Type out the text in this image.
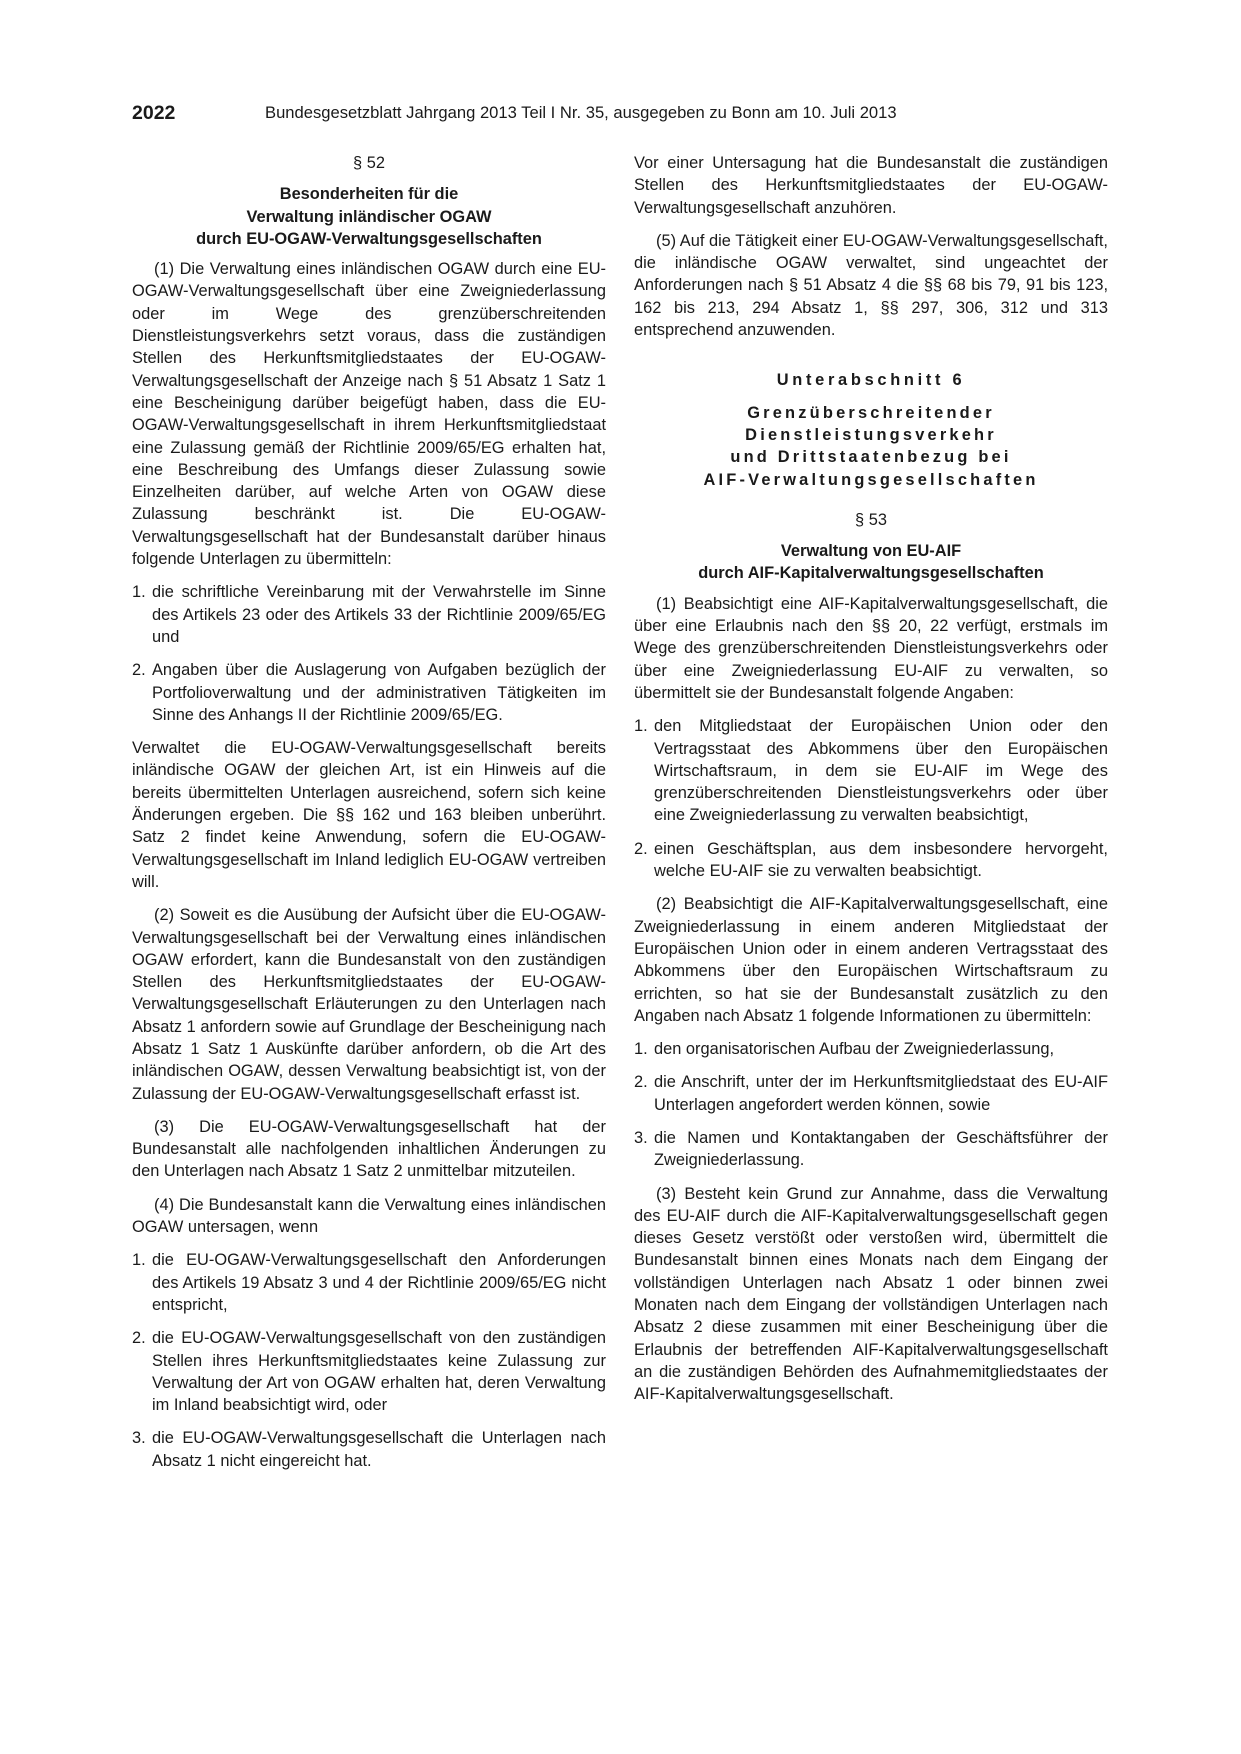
2022	Bundesgesetzblatt Jahrgang 2013 Teil I Nr. 35, ausgegeben zu Bonn am 10. Juli 2013
§ 52
Besonderheiten für die
Verwaltung inländischer OGAW
durch EU-OGAW-Verwaltungsgesellschaften

(1) Die Verwaltung eines inländischen OGAW durch eine EU-OGAW-Verwaltungsgesellschaft über eine Zweigniederlassung oder im Wege des grenzüberschreitenden Dienstleistungsverkehrs setzt voraus, dass die zuständigen Stellen des Herkunftsmitgliedstaates der EU-OGAW-Verwaltungsgesellschaft der Anzeige nach § 51 Absatz 1 Satz 1 eine Bescheinigung darüber beigefügt haben, dass die EU-OGAW-Verwaltungsgesellschaft in ihrem Herkunftsmitgliedstaat eine Zulassung gemäß der Richtlinie 2009/65/EG erhalten hat, eine Beschreibung des Umfangs dieser Zulassung sowie Einzelheiten darüber, auf welche Arten von OGAW diese Zulassung beschränkt ist. Die EU-OGAW-Verwaltungsgesellschaft hat der Bundesanstalt darüber hinaus folgende Unterlagen zu übermitteln:

1. die schriftliche Vereinbarung mit der Verwahrstelle im Sinne des Artikels 23 oder des Artikels 33 der Richtlinie 2009/65/EG und
2. Angaben über die Auslagerung von Aufgaben bezüglich der Portfolioverwaltung und der administrativen Tätigkeiten im Sinne des Anhangs II der Richtlinie 2009/65/EG.

Verwaltet die EU-OGAW-Verwaltungsgesellschaft bereits inländische OGAW der gleichen Art, ist ein Hinweis auf die bereits übermittelten Unterlagen ausreichend, sofern sich keine Änderungen ergeben. Die §§ 162 und 163 bleiben unberührt. Satz 2 findet keine Anwendung, sofern die EU-OGAW-Verwaltungsgesellschaft im Inland lediglich EU-OGAW vertreiben will.

(2) Soweit es die Ausübung der Aufsicht über die EU-OGAW-Verwaltungsgesellschaft bei der Verwaltung eines inländischen OGAW erfordert, kann die Bundesanstalt von den zuständigen Stellen des Herkunftsmitgliedstaates der EU-OGAW-Verwaltungsgesellschaft Erläuterungen zu den Unterlagen nach Absatz 1 anfordern sowie auf Grundlage der Bescheinigung nach Absatz 1 Satz 1 Auskünfte darüber anfordern, ob die Art des inländischen OGAW, dessen Verwaltung beabsichtigt ist, von der Zulassung der EU-OGAW-Verwaltungsgesellschaft erfasst ist.

(3) Die EU-OGAW-Verwaltungsgesellschaft hat der Bundesanstalt alle nachfolgenden inhaltlichen Änderungen zu den Unterlagen nach Absatz 1 Satz 2 unmittelbar mitzuteilen.

(4) Die Bundesanstalt kann die Verwaltung eines inländischen OGAW untersagen, wenn

1. die EU-OGAW-Verwaltungsgesellschaft den Anforderungen des Artikels 19 Absatz 3 und 4 der Richtlinie 2009/65/EG nicht entspricht,
2. die EU-OGAW-Verwaltungsgesellschaft von den zuständigen Stellen ihres Herkunftsmitgliedstaates keine Zulassung zur Verwaltung der Art von OGAW erhalten hat, deren Verwaltung im Inland beabsichtigt wird, oder
3. die EU-OGAW-Verwaltungsgesellschaft die Unterlagen nach Absatz 1 nicht eingereicht hat.

Vor einer Untersagung hat die Bundesanstalt die zuständigen Stellen des Herkunftsmitgliedstaates der EU-OGAW-Verwaltungsgesellschaft anzuhören.

(5) Auf die Tätigkeit einer EU-OGAW-Verwaltungsgesellschaft, die inländische OGAW verwaltet, sind ungeachtet der Anforderungen nach § 51 Absatz 4 die §§ 68 bis 79, 91 bis 123, 162 bis 213, 294 Absatz 1, §§ 297, 306, 312 und 313 entsprechend anzuwenden.

Unterabschnitt 6
Grenzüberschreitender
Dienstleistungsverkehr
und Drittstaatenbezug bei
AIF-Verwaltungsgesellschaften
§ 53
Verwaltung von EU-AIF
durch AIF-Kapitalverwaltungsgesellschaften

(1) Beabsichtigt eine AIF-Kapitalverwaltungsgesellschaft, die über eine Erlaubnis nach den §§ 20, 22 verfügt, erstmals im Wege des grenzüberschreitenden Dienstleistungsverkehrs oder über eine Zweigniederlassung EU-AIF zu verwalten, so übermittelt sie der Bundesanstalt folgende Angaben:

1. den Mitgliedstaat der Europäischen Union oder den Vertragsstaat des Abkommens über den Europäischen Wirtschaftsraum, in dem sie EU-AIF im Wege des grenzüberschreitenden Dienstleistungsverkehrs oder über eine Zweigniederlassung zu verwalten beabsichtigt,
2. einen Geschäftsplan, aus dem insbesondere hervorgeht, welche EU-AIF sie zu verwalten beabsichtigt.

(2) Beabsichtigt die AIF-Kapitalverwaltungsgesellschaft, eine Zweigniederlassung in einem anderen Mitgliedstaat der Europäischen Union oder in einem anderen Vertragsstaat des Abkommens über den Europäischen Wirtschaftsraum zu errichten, so hat sie der Bundesanstalt zusätzlich zu den Angaben nach Absatz 1 folgende Informationen zu übermitteln:

1. den organisatorischen Aufbau der Zweigniederlassung,
2. die Anschrift, unter der im Herkunftsmitgliedstaat des EU-AIF Unterlagen angefordert werden können, sowie
3. die Namen und Kontaktangaben der Geschäftsführer der Zweigniederlassung.

(3) Besteht kein Grund zur Annahme, dass die Verwaltung des EU-AIF durch die AIF-Kapitalverwaltungsgesellschaft gegen dieses Gesetz verstößt oder verstoßen wird, übermittelt die Bundesanstalt binnen eines Monats nach dem Eingang der vollständigen Unterlagen nach Absatz 1 oder binnen zwei Monaten nach dem Eingang der vollständigen Unterlagen nach Absatz 2 diese zusammen mit einer Bescheinigung über die Erlaubnis der betreffenden AIF-Kapitalverwaltungsgesellschaft an die zuständigen Behörden des Aufnahmemitgliedstaates der AIF-Kapitalverwaltungsgesellschaft.
